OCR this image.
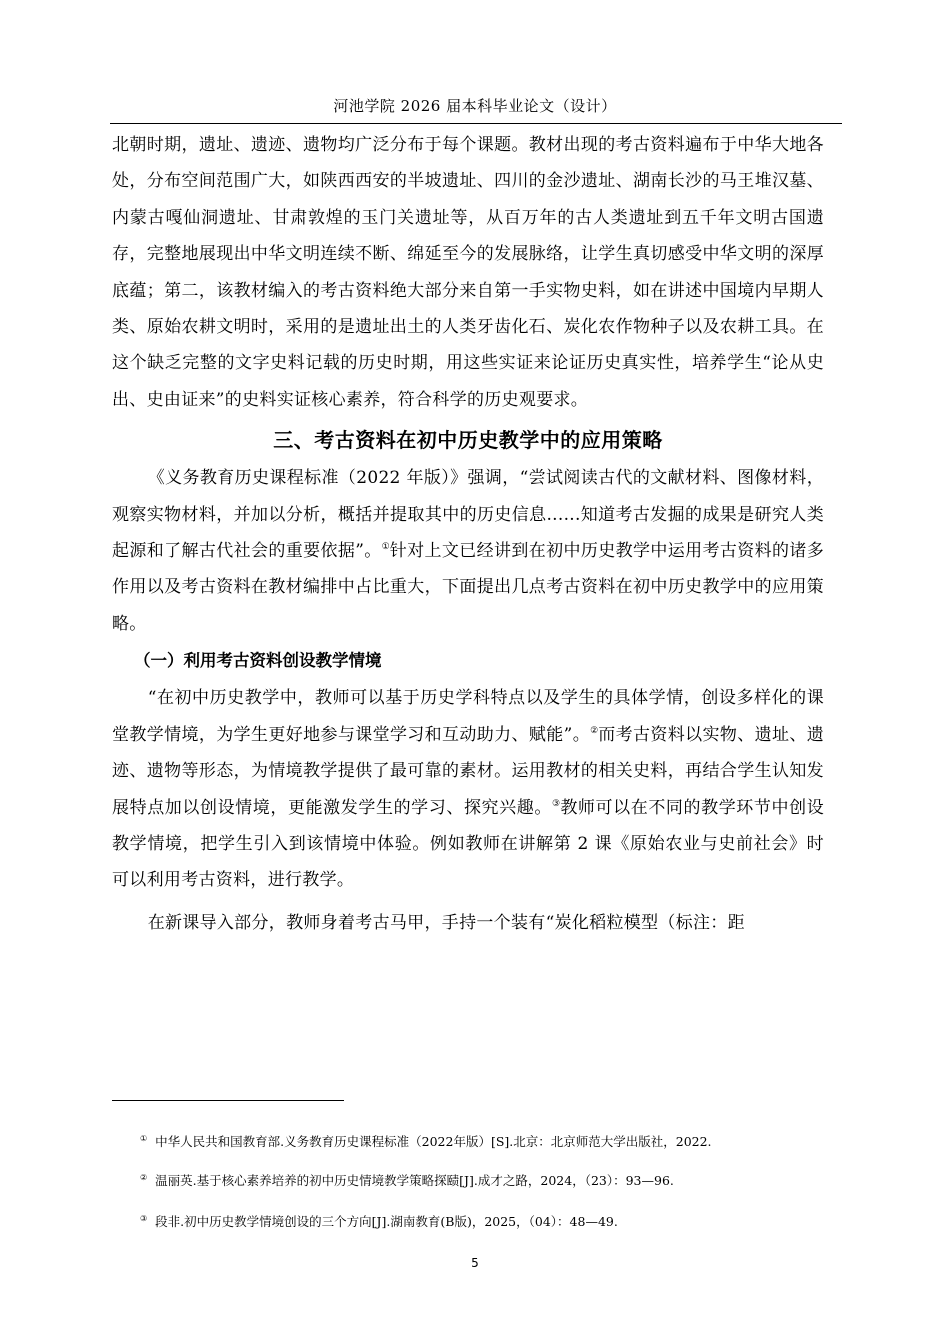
河池学院 2026 届本科毕业论文（设计）

北朝时期，遗址、遗迹、遗物均广泛分布于每个课题。教材出现的考古资料遍布于中华大地各处，分布空间范围广大，如陕西西安的半坡遗址、四川的金沙遗址、湖南长沙的马王堆汉墓、内蒙古嘎仙洞遗址、甘肃敦煌的玉门关遗址等，从百万年的古人类遗址到五千年文明古国遗存，完整地展现出中华文明连续不断、绵延至今的发展脉络，让学生真切感受中华文明的深厚底蕴；第二，该教材编入的考古资料绝大部分来自第一手实物史料，如在讲述中国境内早期人类、原始农耕文明时，采用的是遗址出土的人类牙齿化石、炭化农作物种子以及农耕工具。在这个缺乏完整的文字史料记载的历史时期，用这些实证来论证历史真实性，培养学生“论从史出、史由证来”的史料实证核心素养，符合科学的历史观要求。

三、考古资料在初中历史教学中的应用策略

《义务教育历史课程标准（2022 年版）》强调，“尝试阅读古代的文献材料、图像材料，观察实物材料，并加以分析，概括并提取其中的历史信息......知道考古发掘的成果是研究人类起源和了解古代社会的重要依据”。①针对上文已经讲到在初中历史教学中运用考古资料的诸多作用以及考古资料在教材编排中占比重大，下面提出几点考古资料在初中历史教学中的应用策略。

（一）利用考古资料创设教学情境

“在初中历史教学中，教师可以基于历史学科特点以及学生的具体学情，创设多样化的课堂教学情境，为学生更好地参与课堂学习和互动助力、赋能”。②而考古资料以实物、遗址、遗迹、遗物等形态，为情境教学提供了最可靠的素材。运用教材的相关史料，再结合学生认知发展特点加以创设情境，更能激发学生的学习、探究兴趣。③教师可以在不同的教学环节中创设教学情境，把学生引入到该情境中体验。例如教师在讲解第 2 课《原始农业与史前社会》时可以利用考古资料，进行教学。

在新课导入部分，教师身着考古马甲，手持一个装有“炭化稻粒模型（标注：距

① 中华人民共和国教育部.义务教育历史课程标准（2022年版）[S].北京：北京师范大学出版社，2022.
② 温丽英.基于核心素养培养的初中历史情境教学策略探赜[J].成才之路，2024，（23）：93—96.
③ 段非.初中历史教学情境创设的三个方向[J].湖南教育(B版)，2025，（04）：48—49.
5
